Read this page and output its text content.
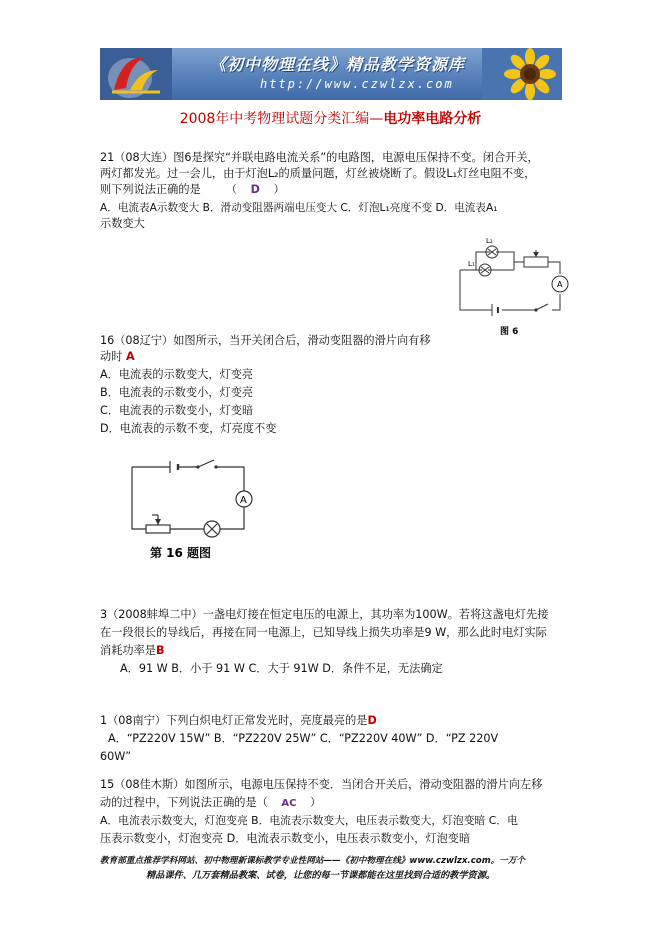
《初中物理在线》精品教学资源库
http://www.czwlzx.com
2008年中考物理试题分类汇编—电功率电路分析
21（08大连）图6是探究“并联电路电流关系”的电路图，电源电压保持不变。闭合开关，
两灯都发光。过一会儿，由于灯泡L₂的质量问题，灯丝被烧断了。假设L₁灯丝电阻不变，
则下列说法正确的是 （ D ）
A．电流表A示数变大 B．滑动变阻器两端电压变大 C．灯泡L₁亮度不变 D．电流表A₁
示数变大
L₂
L₁
A
图 6
16（08辽宁）如图所示，当开关闭合后，滑动变阻器的滑片向有移
动时 A
A．电流表的示数变大，灯变亮
B．电流表的示数变小，灯变亮
C．电流表的示数变小，灯变暗
D．电流表的示数不变，灯亮度不变
A
第 16 题图
3（2008蚌埠二中）一盏电灯接在恒定电压的电源上，其功率为100W。若将这盏电灯先接
在一段很长的导线后，再接在同一电源上，已知导线上损失功率是9 W，那么此时电灯实际
消耗功率是B
A．91 W B．小于 91 W C．大于 91W D．条件不足，无法确定
1（08南宁）下列白炽电灯正常发光时，亮度最亮的是D
A．“PZ220V 15W” B．“PZ220V 25W” C．“PZ220V 40W” D．“PZ 220V
60W”
15（08佳木斯）如图所示，电源电压保持不变．当闭合开关后，滑动变阻器的滑片向左移
动的过程中，下列说法正确的是（ AC ）
A．电流表示数变大，灯泡变亮 B．电流表示数变大，电压表示数变大，灯泡变暗 C．电
压表示数变小，灯泡变亮 D．电流表示数变小，电压表示数变小，灯泡变暗
教育部重点推荐学科网站、初中物理新课标教学专业性网站——《初中物理在线》www.czwlzx.com。一万个
精品课件、几万套精品教案、试卷，让您的每一节课都能在这里找到合适的教学资源。
